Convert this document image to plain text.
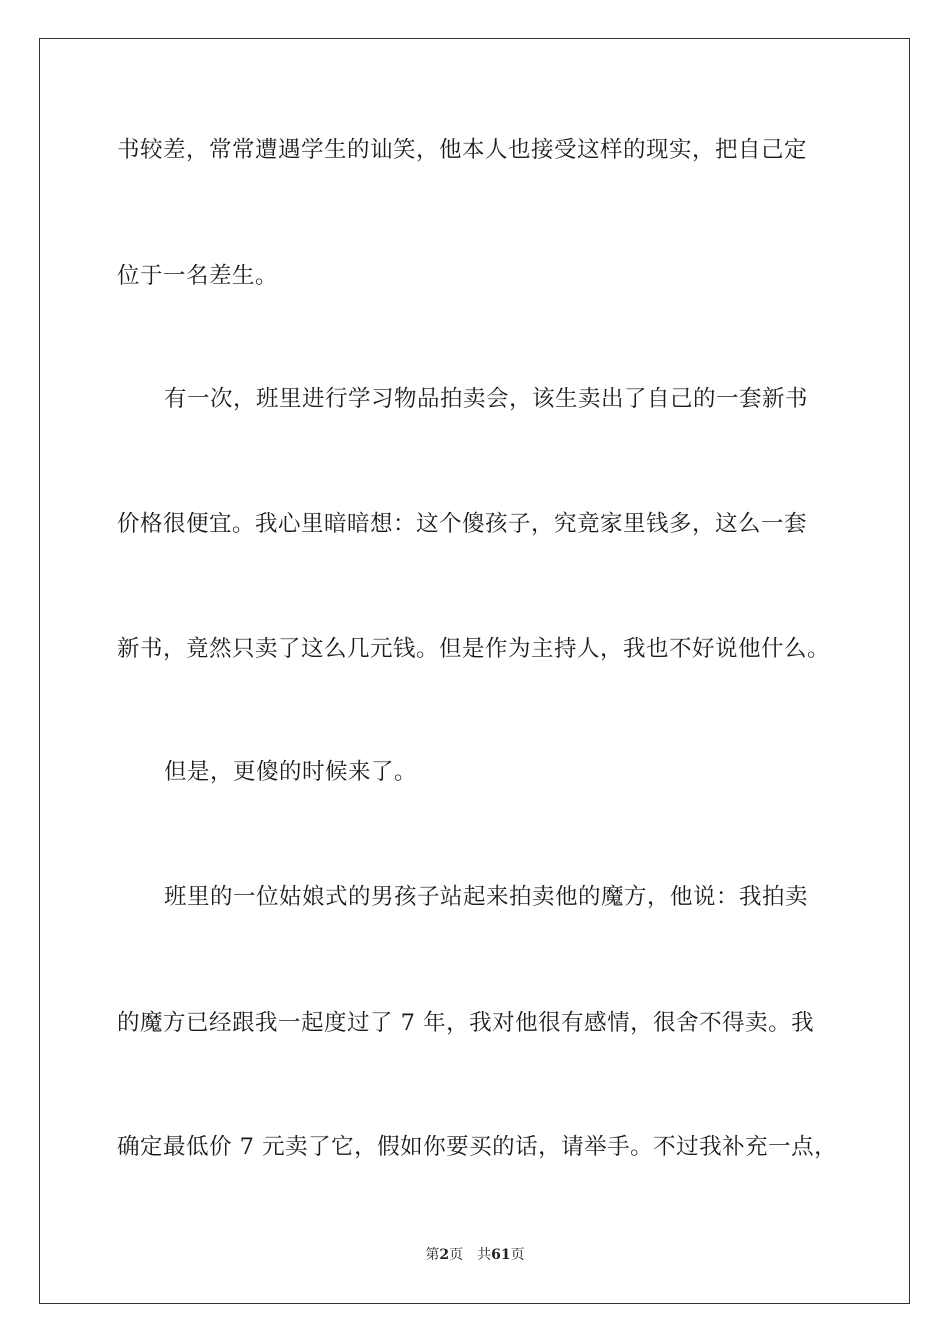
书较差，常常遭遇学生的讪笑，他本人也接受这样的现实，把自己定

位于一名差生。

有一次，班里进行学习物品拍卖会，该生卖出了自己的一套新书

价格很便宜。我心里暗暗想：这个傻孩子，究竟家里钱多，这么一套

新书，竟然只卖了这么几元钱。但是作为主持人，我也不好说他什么。

但是，更傻的时候来了。

班里的一位姑娘式的男孩子站起来拍卖他的魔方，他说：我拍卖

的魔方已经跟我一起度过了 7 年，我对他很有感情，很舍不得卖。我

确定最低价 7 元卖了它，假如你要买的话，请举手。不过我补充一点，

第2页 共61页
